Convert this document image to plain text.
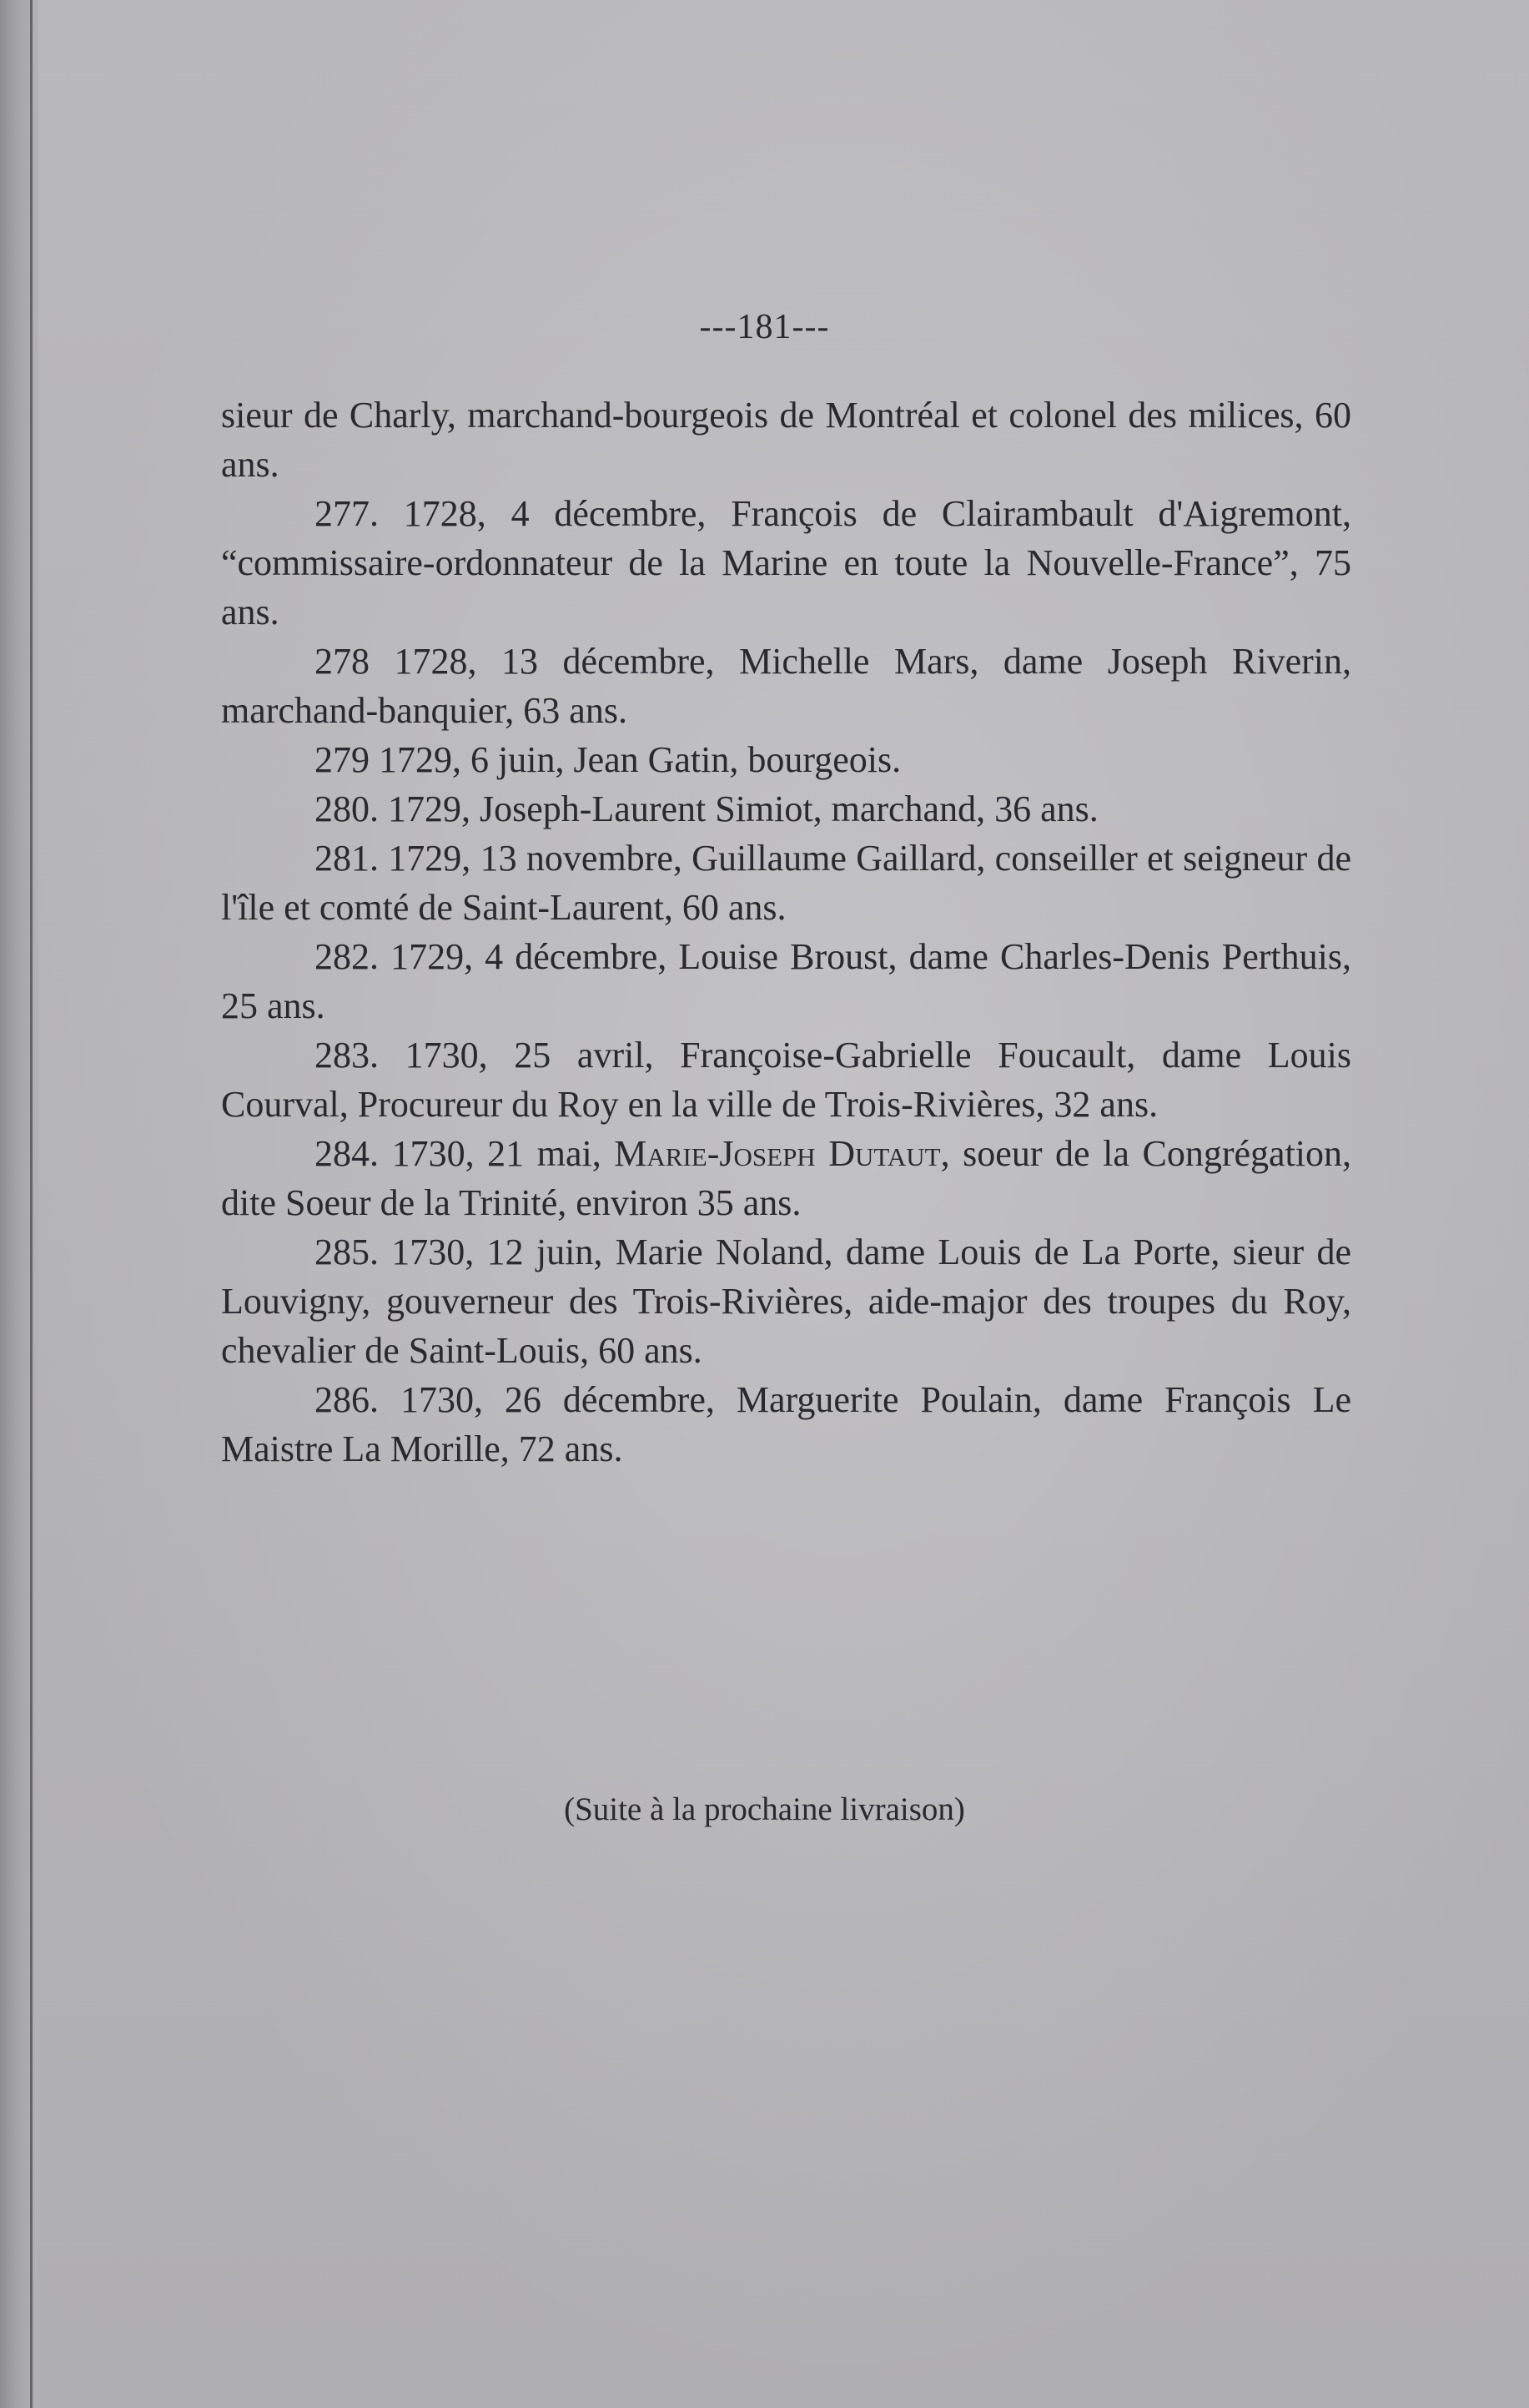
---181---

sieur de Charly, marchand-bourgeois de Montréal et colonel des milices, 60 ans.

277. 1728, 4 décembre, François de Clairambault d'Aigremont, “commissaire-ordonnateur de la Marine en toute la Nouvelle-France”, 75 ans.

278 1728, 13 décembre, Michelle Mars, dame Joseph Riverin, marchand-banquier, 63 ans.

279 1729, 6 juin, Jean Gatin, bourgeois.

280. 1729, Joseph-Laurent Simiot, marchand, 36 ans.

281. 1729, 13 novembre, Guillaume Gaillard, conseiller et seigneur de l'île et comté de Saint-Laurent, 60 ans.

282. 1729, 4 décembre, Louise Broust, dame Charles-Denis Perthuis, 25 ans.

283. 1730, 25 avril, Françoise-Gabrielle Foucault, dame Louis Courval, Procureur du Roy en la ville de Trois-Rivières, 32 ans.

284. 1730, 21 mai, Marie-Joseph Dutaut, soeur de la Congrégation, dite Soeur de la Trinité, environ 35 ans.

285. 1730, 12 juin, Marie Noland, dame Louis de La Porte, sieur de Louvigny, gouverneur des Trois-Rivières, aide-major des troupes du Roy, chevalier de Saint-Louis, 60 ans.

286. 1730, 26 décembre, Marguerite Poulain, dame François Le Maistre La Morille, 72 ans.

(Suite à la prochaine livraison)
